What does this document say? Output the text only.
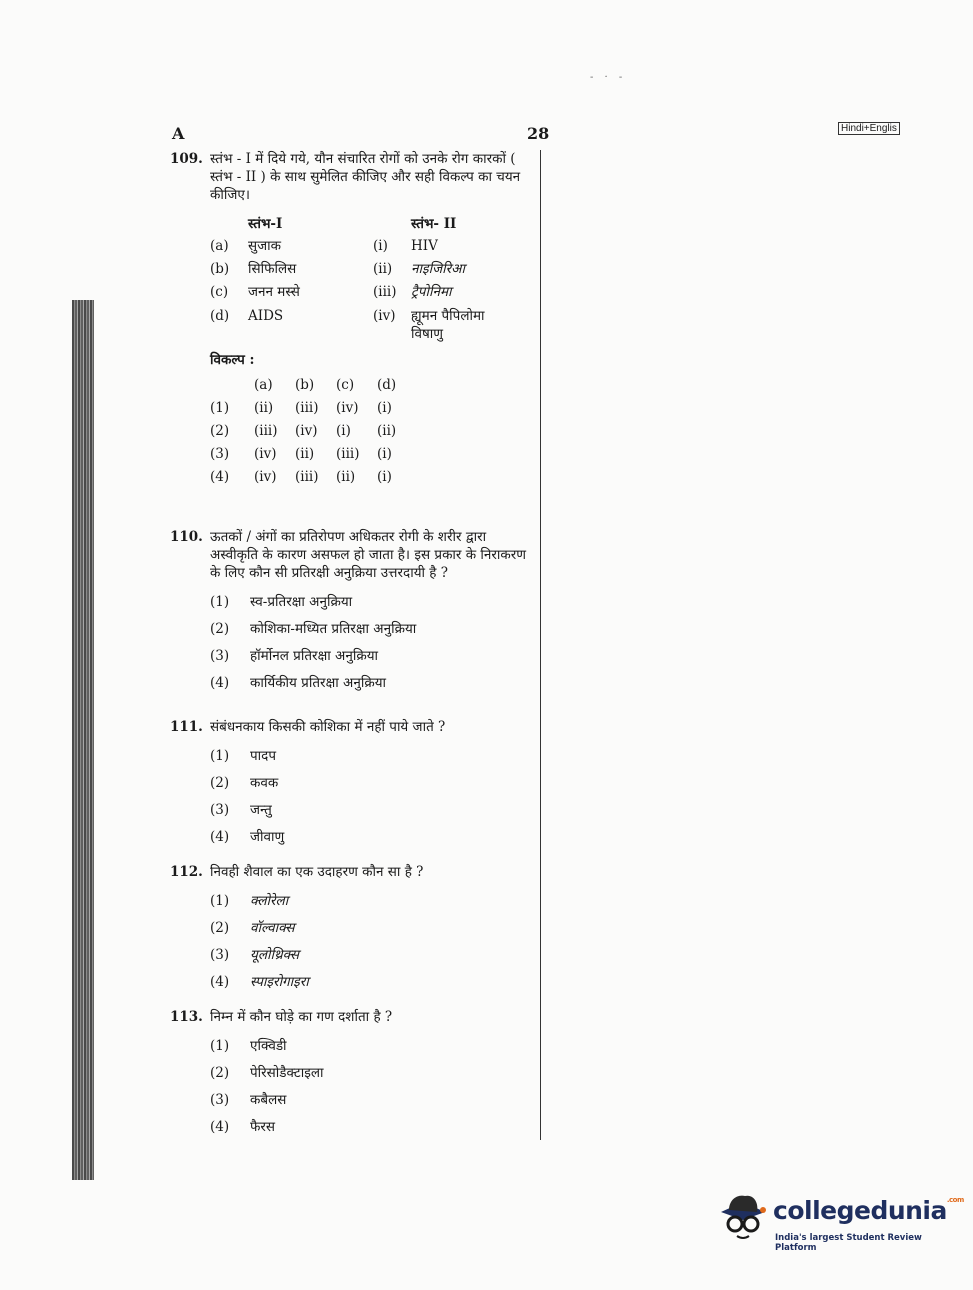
- · -
A	28	Hindi+Englis
109. स्तंभ - I में दिये गये, यौन संचारित रोगों को उनके रोग कारकों ( स्तंभ - II ) के साथ सुमेलित कीजिए और सही विकल्प का चयन कीजिए।
स्तंभ-I	स्तंभ- II
(a)	सुजाक	(i)	HIV
(b)	सिफिलिस	(ii)	नाइजिरिआ
(c)	जनन मस्से	(iii)	ट्रैपोनिमा
(d)	AIDS	(iv)	ह्यूमन पैपिलोमा
विषाणु
विकल्प :
(a)	(b)	(c)	(d)
(1)	(ii)	(iii)	(iv)	(i)
(2)	(iii)	(iv)	(i)	(ii)
(3)	(iv)	(ii)	(iii)	(i)
(4)	(iv)	(iii)	(ii)	(i)
110. ऊतकों / अंगों का प्रतिरोपण अधिकतर रोगी के शरीर द्वारा अस्वीकृति के कारण असफल हो जाता है। इस प्रकार के निराकरण के लिए कौन सी प्रतिरक्षी अनुक्रिया उत्तरदायी है ?
(1)	स्व-प्रतिरक्षा अनुक्रिया
(2)	कोशिका-मध्यित प्रतिरक्षा अनुक्रिया
(3)	हॉर्मोनल प्रतिरक्षा अनुक्रिया
(4)	कार्यिकीय प्रतिरक्षा अनुक्रिया
111. संबंधनकाय किसकी कोशिका में नहीं पाये जाते ?
(1)	पादप
(2)	कवक
(3)	जन्तु
(4)	जीवाणु
112. निवही शैवाल का एक उदाहरण कौन सा है ?
(1)	क्लोरेला
(2)	वॉल्वाक्स
(3)	यूलोथ्रिक्स
(4)	स्पाइरोगाइरा
113. निम्न में कौन घोड़े का गण दर्शाता है ?
(1)	एक्विडी
(2)	पेरिसोडैक्टाइला
(3)	कबैलस
(4)	फैरस
collegedunia$^{.com}$
India's largest Student Review Platform
